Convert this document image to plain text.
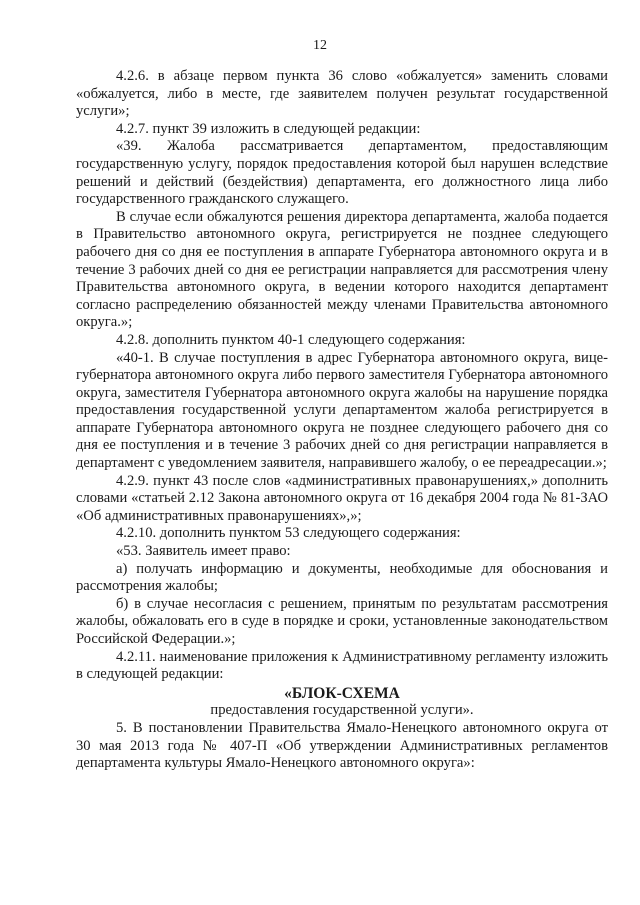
12

4.2.6. в абзаце первом пункта 36 слово «обжалуется» заменить словами «обжалуется, либо в месте, где заявителем получен результат государственной услуги»;

4.2.7. пункт 39 изложить в следующей редакции:

«39. Жалоба рассматривается департаментом, предоставляющим государственную услугу, порядок предоставления которой был нарушен вследствие решений и действий (бездействия) департамента, его должностного лица либо государственного гражданского служащего.

В случае если обжалуются решения директора департамента, жалоба подается в Правительство автономного округа, регистрируется не позднее следующего рабочего дня со дня ее поступления в аппарате Губернатора автономного округа и в течение 3 рабочих дней со дня ее регистрации направляется для рассмотрения члену Правительства автономного округа, в ведении которого находится департамент согласно распределению обязанностей между членами Правительства автономного округа.»;

4.2.8. дополнить пунктом 40-1 следующего содержания:

«40-1. В случае поступления в адрес Губернатора автономного округа, вице-губернатора автономного округа либо первого заместителя Губернатора автономного округа, заместителя Губернатора автономного округа жалобы на нарушение порядка предоставления государственной услуги департаментом жалоба регистрируется в аппарате Губернатора автономного округа не позднее следующего рабочего дня со дня ее поступления и в течение 3 рабочих дней со дня регистрации направляется в департамент с уведомлением заявителя, направившего жалобу, о ее переадресации.»;

4.2.9. пункт 43 после слов «административных правонарушениях,» дополнить словами «статьей 2.12 Закона автономного округа от 16 декабря 2004 года № 81-ЗАО «Об административных правонарушениях»,»;

4.2.10. дополнить пунктом 53 следующего содержания:

«53. Заявитель имеет право:

а) получать информацию и документы, необходимые для обоснования и рассмотрения жалобы;

б) в случае несогласия с решением, принятым по результатам рассмотрения жалобы, обжаловать его в суде в порядке и сроки, установленные законодательством Российской Федерации.»;

4.2.11. наименование приложения к Административному регламенту изложить в следующей редакции:

«БЛОК-СХЕМА

предоставления государственной услуги».

5. В постановлении Правительства Ямало-Ненецкого автономного округа от 30 мая 2013 года № 407-П «Об утверждении Административных регламентов департамента культуры Ямало-Ненецкого автономного округа»:
